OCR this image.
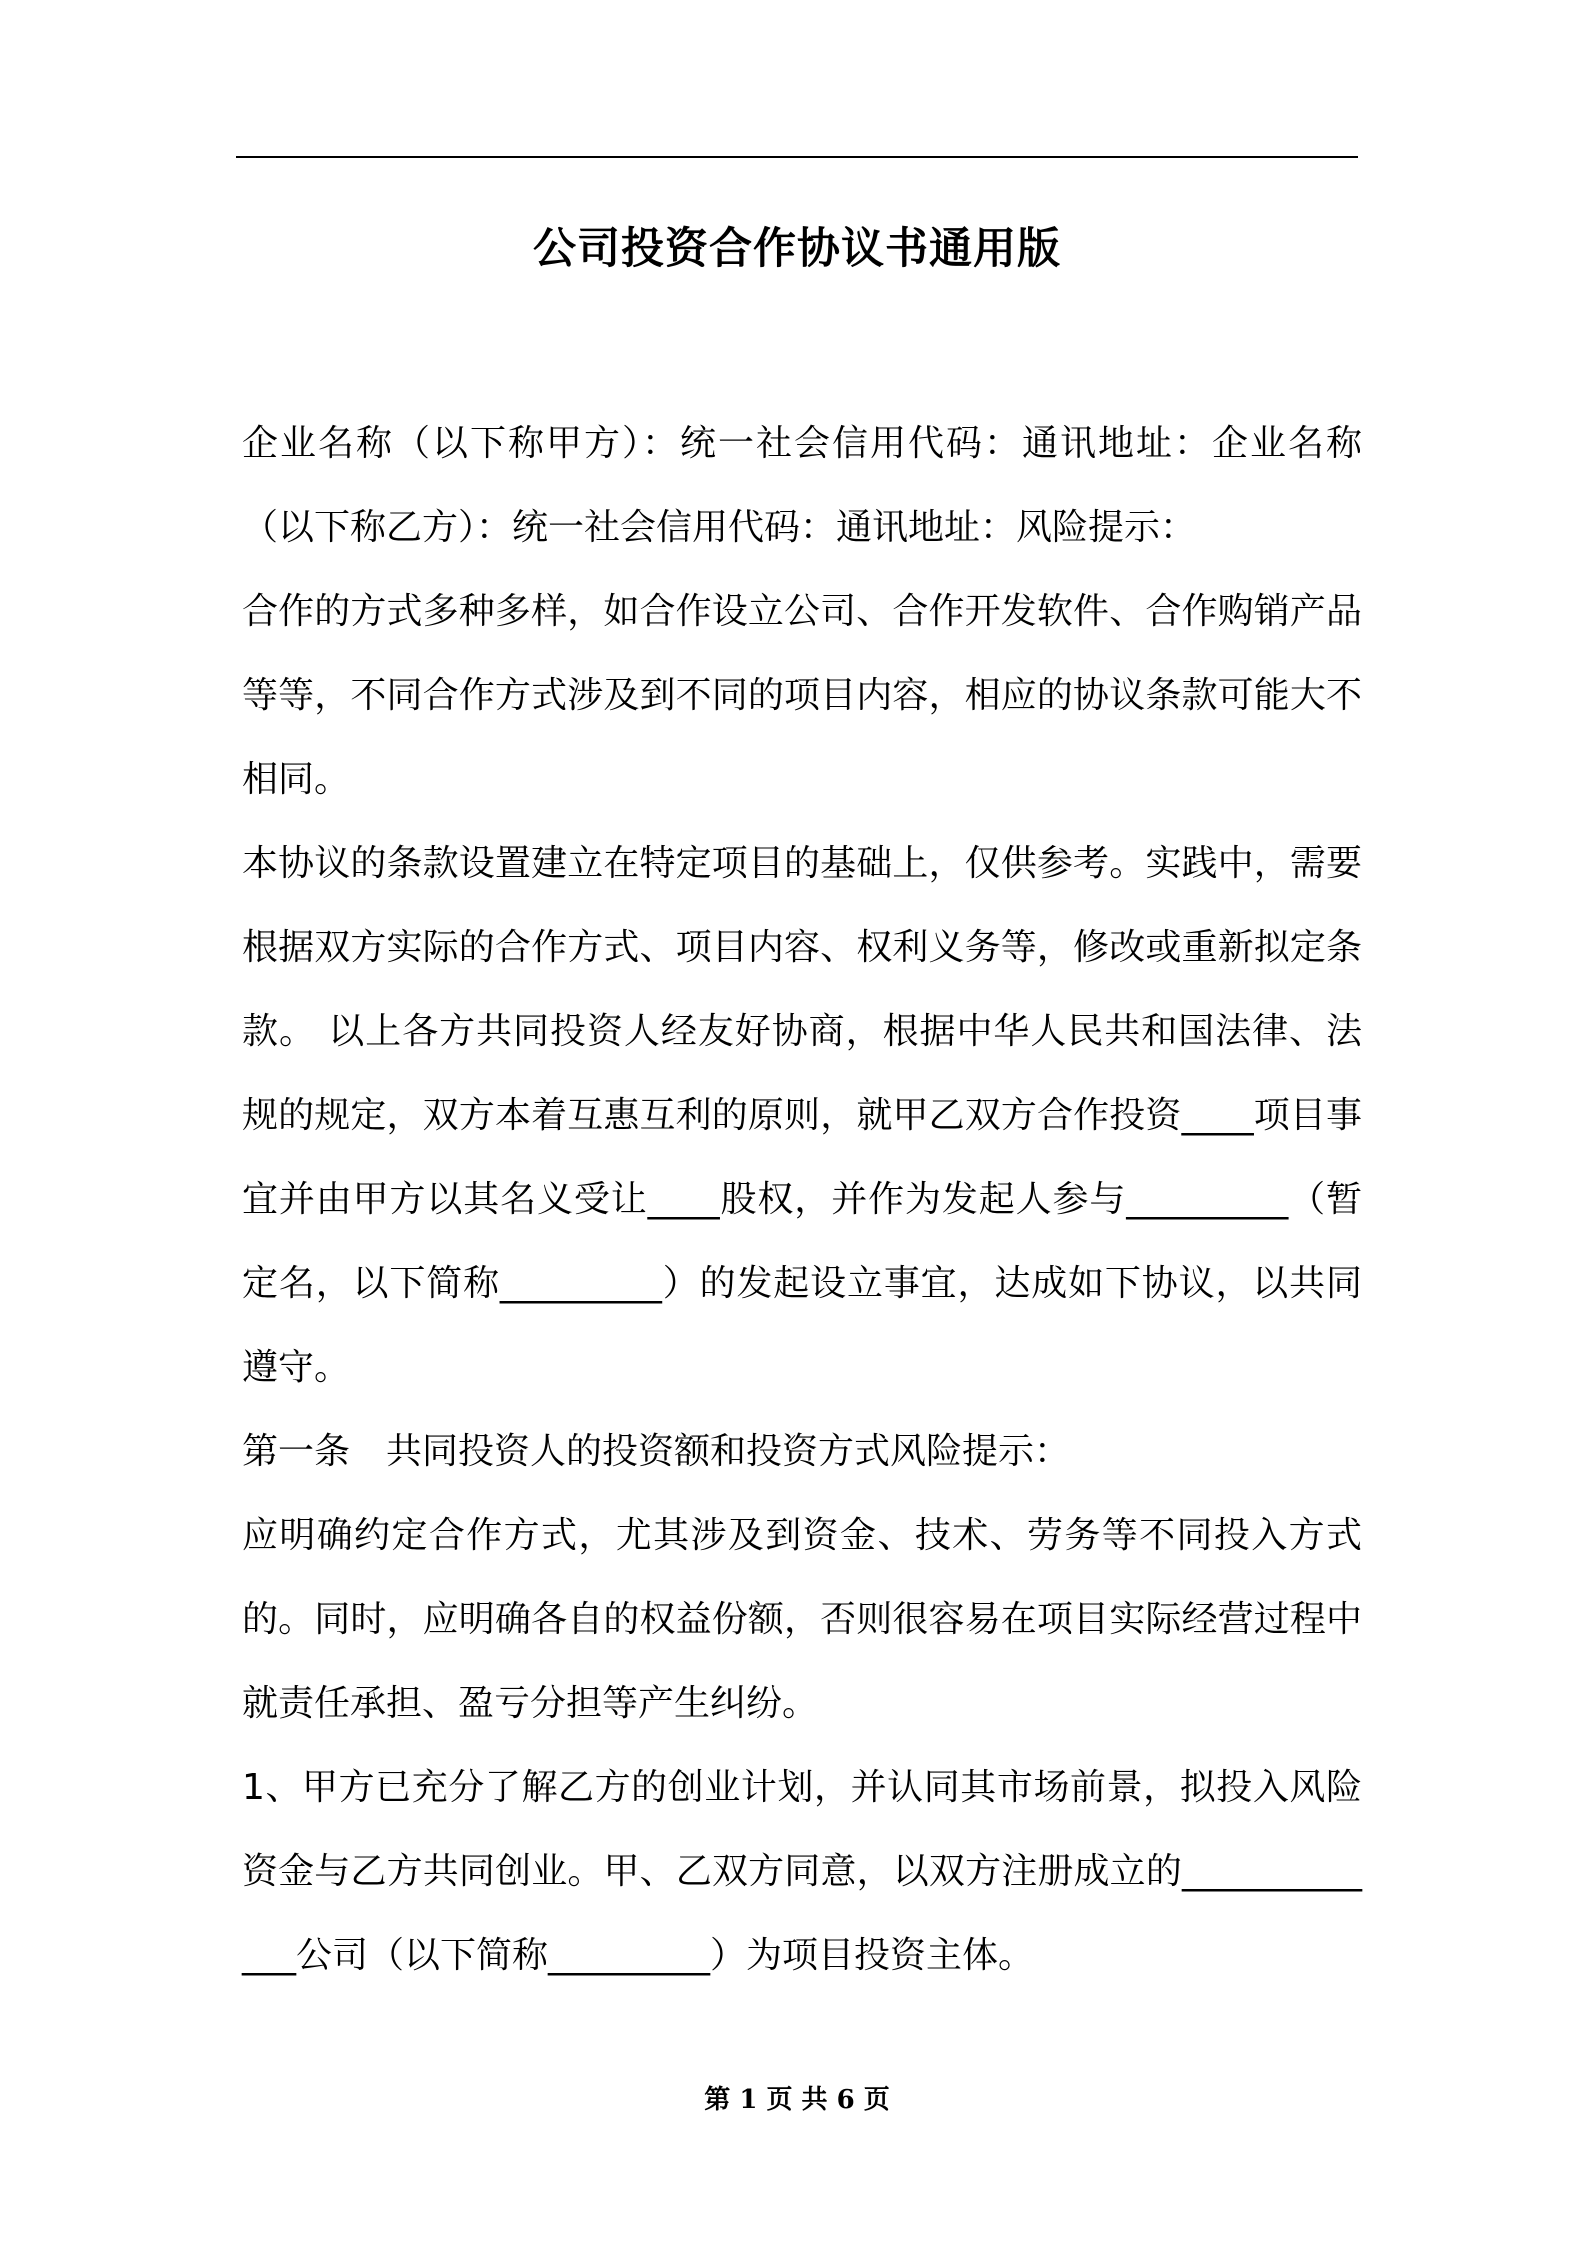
公司投资合作协议书通用版

企业名称（以下称甲方）：统一社会信用代码：通讯地址：企业名称（以下称乙方）：统一社会信用代码：通讯地址：风险提示：

合作的方式多种多样，如合作设立公司、合作开发软件、合作购销产品等等，不同合作方式涉及到不同的项目内容，相应的协议条款可能大不相同。

本协议的条款设置建立在特定项目的基础上，仅供参考。实践中，需要根据双方实际的合作方式、项目内容、权利义务等，修改或重新拟定条款。 以上各方共同投资人经友好协商，根据中华人民共和国法律、法规的规定，双方本着互惠互利的原则，就甲乙双方合作投资____项目事宜并由甲方以其名义受让____股权，并作为发起人参与_________（暂定名，以下简称_________）的发起设立事宜，达成如下协议，以共同遵守。

第一条　共同投资人的投资额和投资方式风险提示：

应明确约定合作方式，尤其涉及到资金、技术、劳务等不同投入方式的。同时，应明确各自的权益份额，否则很容易在项目实际经营过程中就责任承担、盈亏分担等产生纠纷。

1、甲方已充分了解乙方的创业计划，并认同其市场前景，拟投入风险资金与乙方共同创业。甲、乙双方同意，以双方注册成立的_____________公司（以下简称_________）为项目投资主体。

第 1 页 共 6 页
